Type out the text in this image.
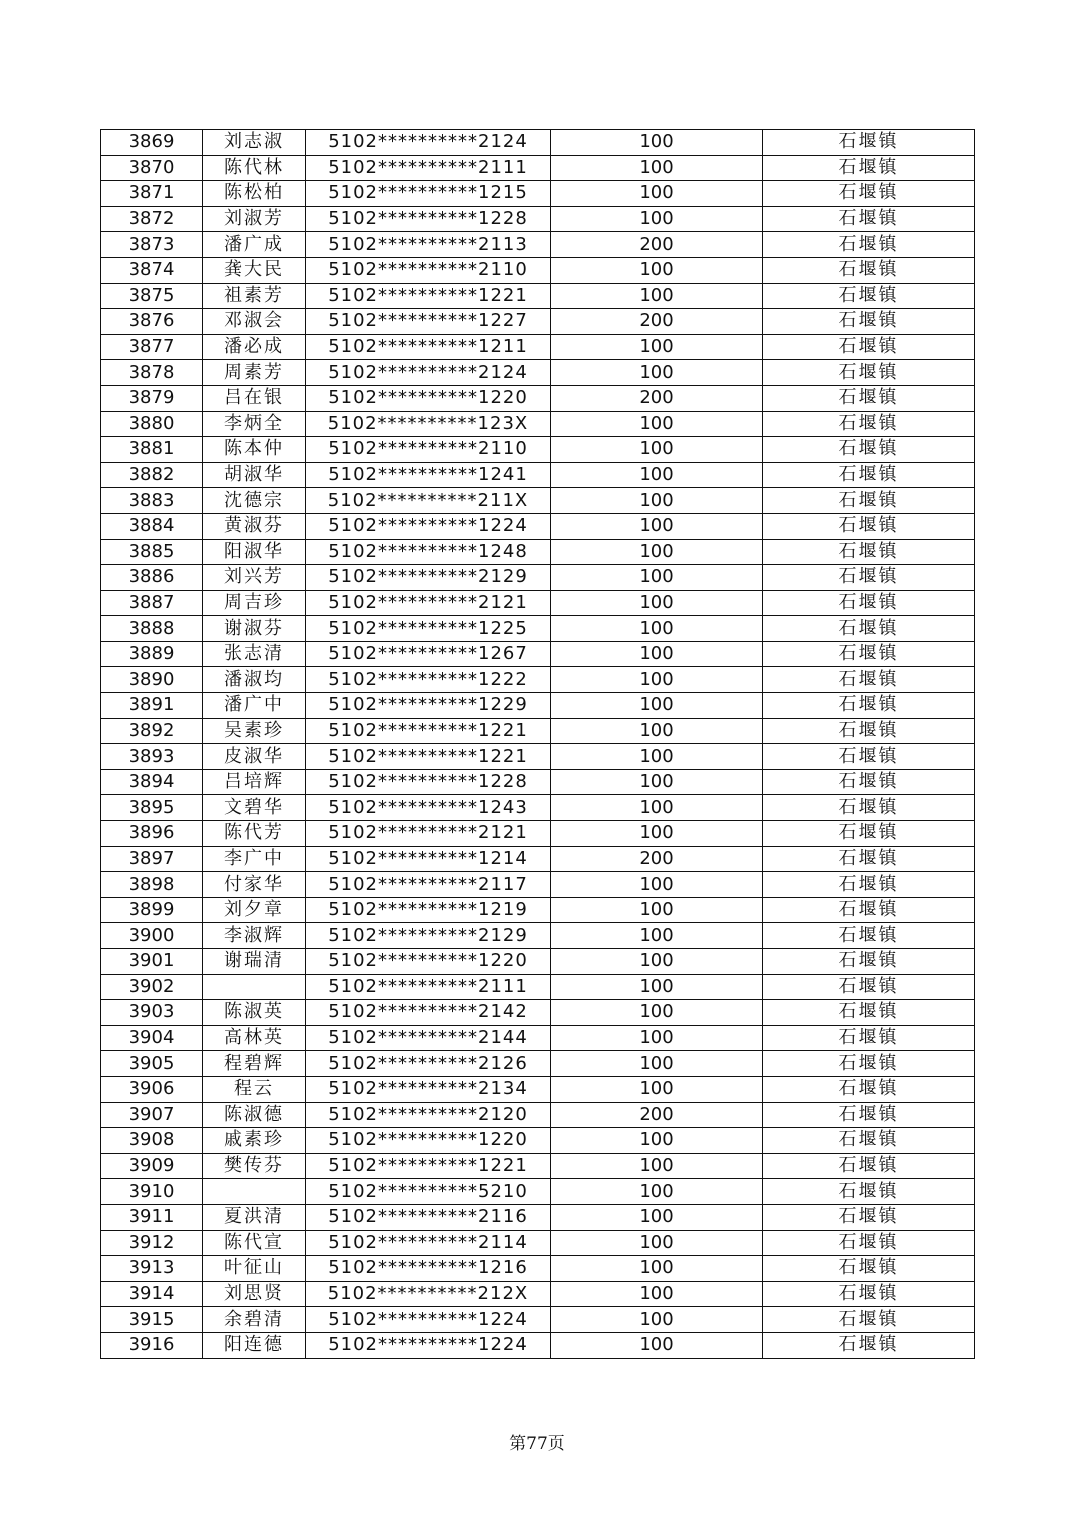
3869	刘志淑	5102**********2124	100	石堰镇
3870	陈代林	5102**********2111	100	石堰镇
3871	陈松柏	5102**********1215	100	石堰镇
3872	刘淑芳	5102**********1228	100	石堰镇
3873	潘广成	5102**********2113	200	石堰镇
3874	龚大民	5102**********2110	100	石堰镇
3875	祖素芳	5102**********1221	100	石堰镇
3876	邓淑会	5102**********1227	200	石堰镇
3877	潘必成	5102**********1211	100	石堰镇
3878	周素芳	5102**********2124	100	石堰镇
3879	吕在银	5102**********1220	200	石堰镇
3880	李炳全	5102**********123X	100	石堰镇
3881	陈本仲	5102**********2110	100	石堰镇
3882	胡淑华	5102**********1241	100	石堰镇
3883	沈德宗	5102**********211X	100	石堰镇
3884	黄淑芬	5102**********1224	100	石堰镇
3885	阳淑华	5102**********1248	100	石堰镇
3886	刘兴芳	5102**********2129	100	石堰镇
3887	周吉珍	5102**********2121	100	石堰镇
3888	谢淑芬	5102**********1225	100	石堰镇
3889	张志清	5102**********1267	100	石堰镇
3890	潘淑均	5102**********1222	100	石堰镇
3891	潘广中	5102**********1229	100	石堰镇
3892	吴素珍	5102**********1221	100	石堰镇
3893	皮淑华	5102**********1221	100	石堰镇
3894	吕培辉	5102**********1228	100	石堰镇
3895	文碧华	5102**********1243	100	石堰镇
3896	陈代芳	5102**********2121	100	石堰镇
3897	李广中	5102**********1214	200	石堰镇
3898	付家华	5102**********2117	100	石堰镇
3899	刘夕章	5102**********1219	100	石堰镇
3900	李淑辉	5102**********2129	100	石堰镇
3901	谢瑞清	5102**********1220	100	石堰镇
3902		5102**********2111	100	石堰镇
3903	陈淑英	5102**********2142	100	石堰镇
3904	高林英	5102**********2144	100	石堰镇
3905	程碧辉	5102**********2126	100	石堰镇
3906	程云	5102**********2134	100	石堰镇
3907	陈淑德	5102**********2120	200	石堰镇
3908	戚素珍	5102**********1220	100	石堰镇
3909	樊传芬	5102**********1221	100	石堰镇
3910		5102**********5210	100	石堰镇
3911	夏洪清	5102**********2116	100	石堰镇
3912	陈代宣	5102**********2114	100	石堰镇
3913	叶征山	5102**********1216	100	石堰镇
3914	刘思贤	5102**********212X	100	石堰镇
3915	余碧清	5102**********1224	100	石堰镇
3916	阳连德	5102**********1224	100	石堰镇
第77页
